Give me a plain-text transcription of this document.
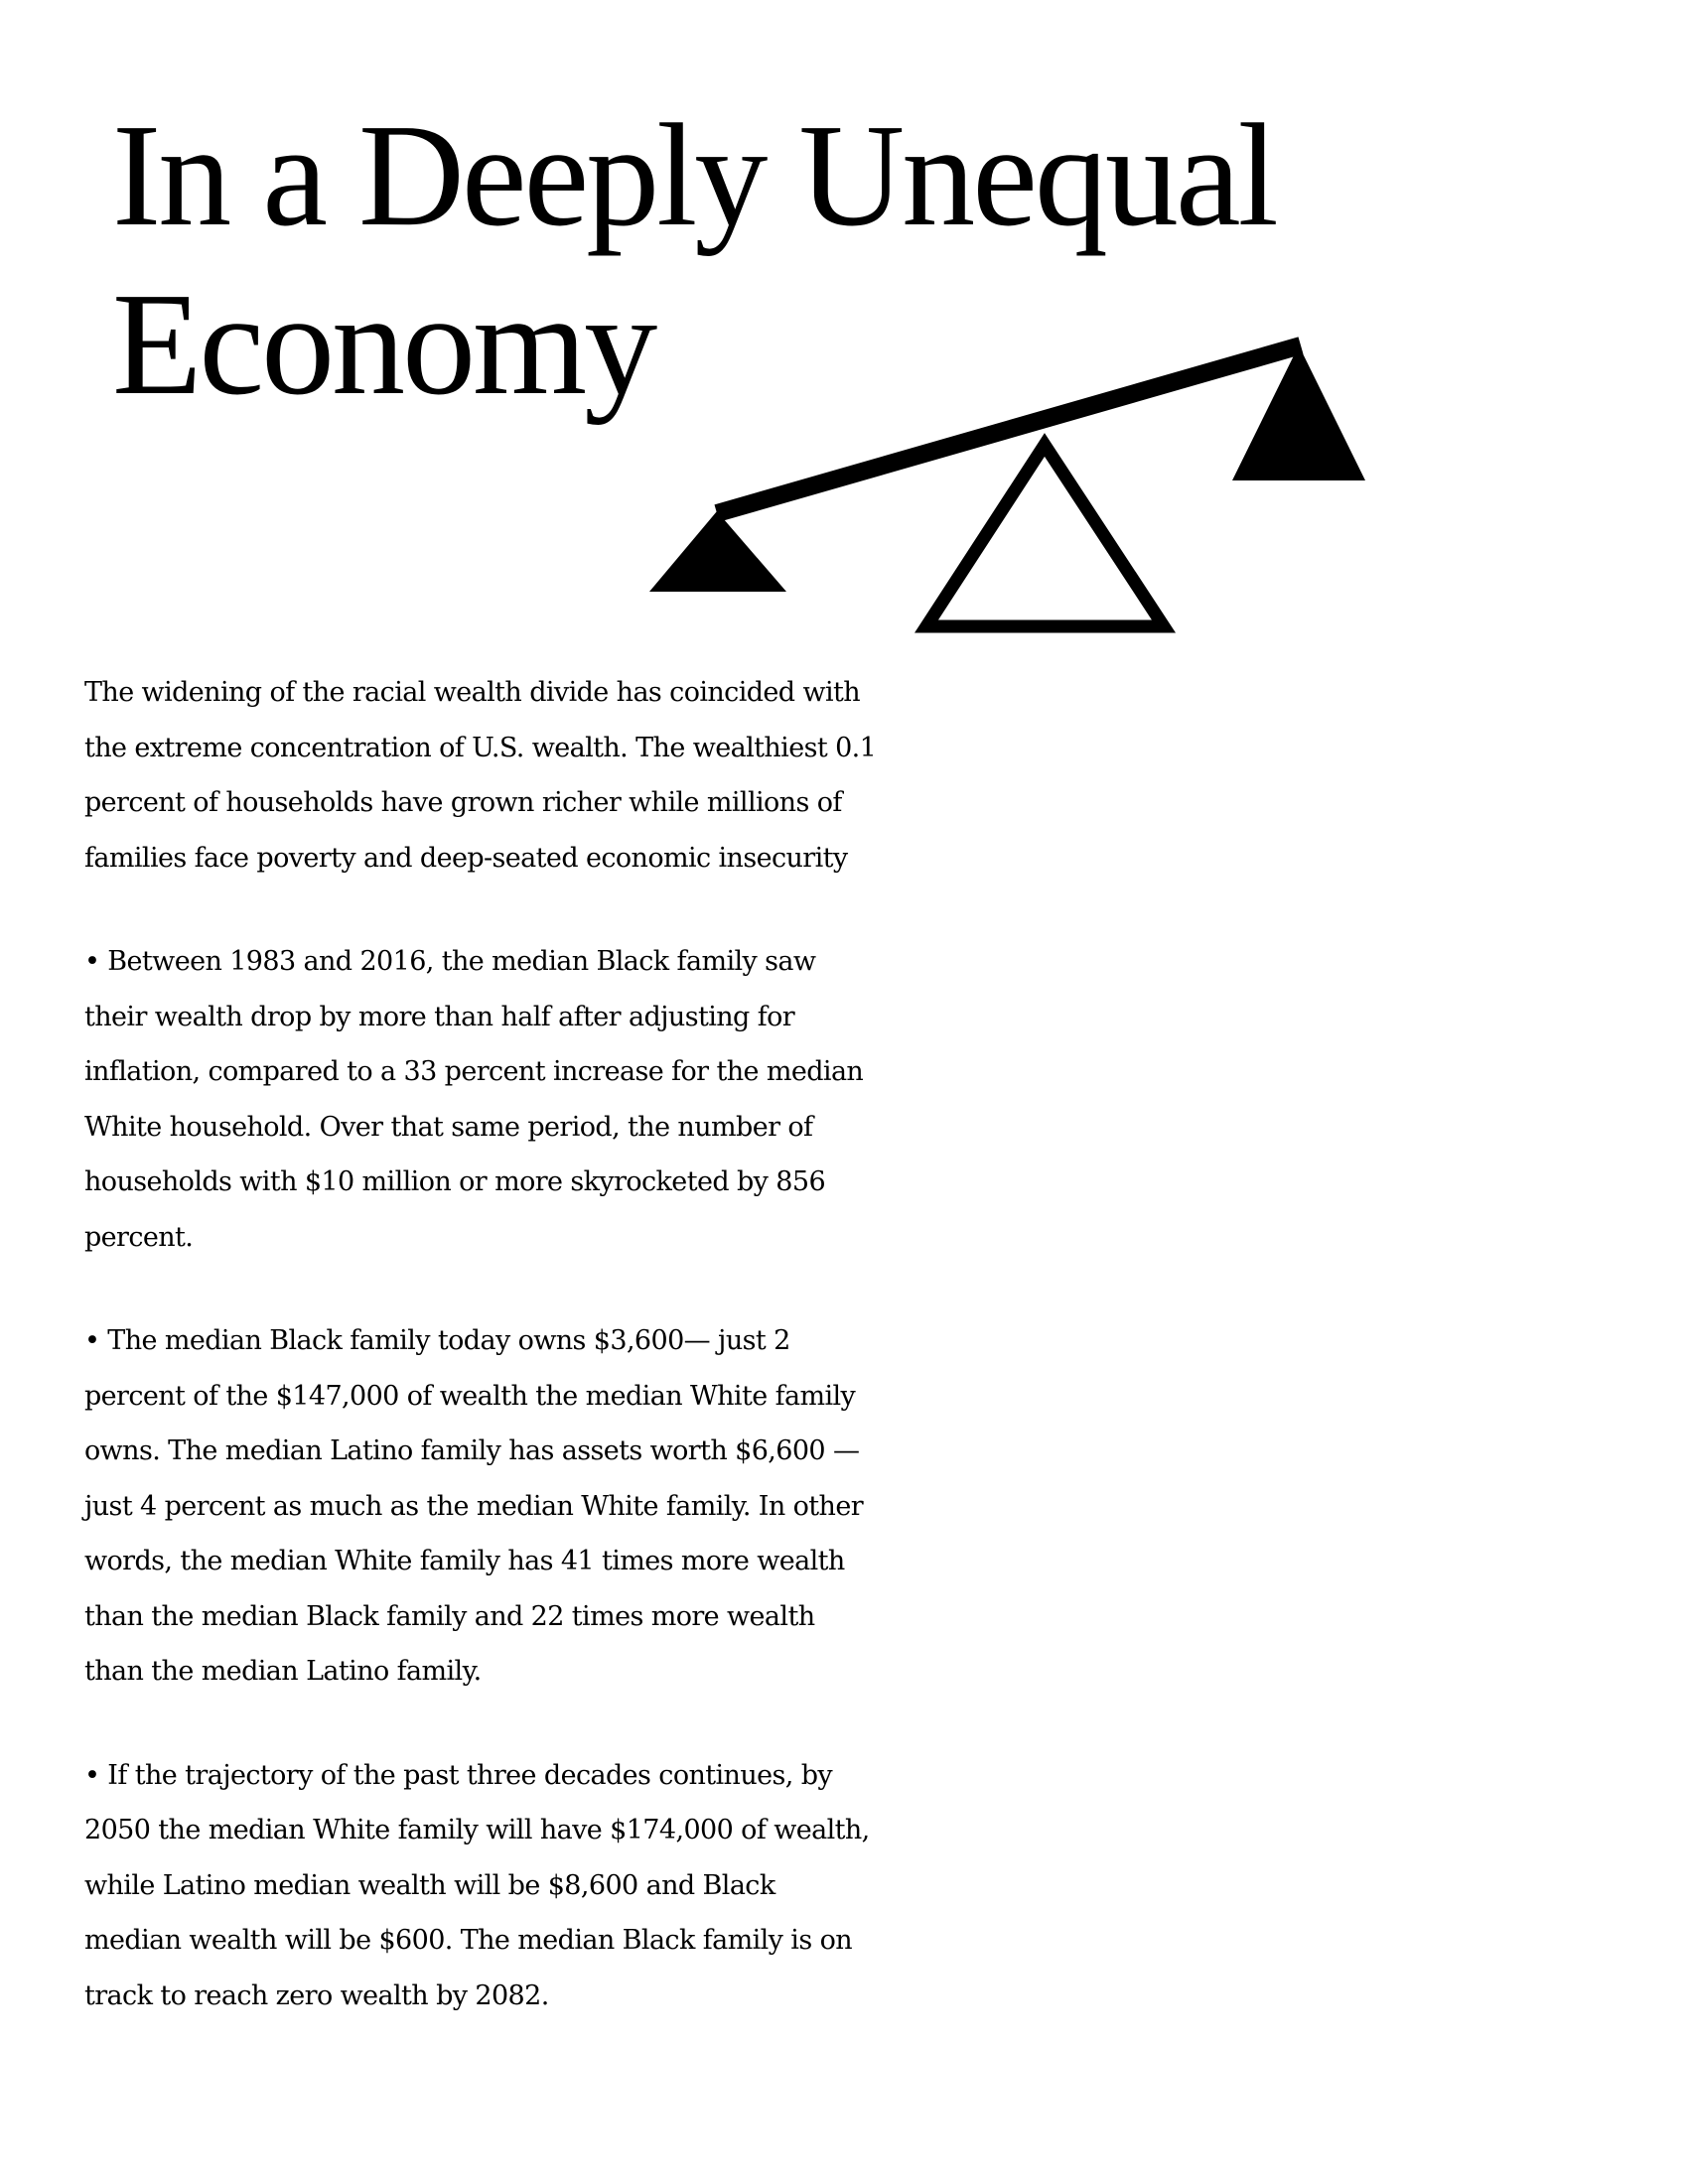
In a Deeply Unequal
Economy

The widening of the racial wealth divide has coincided with the extreme concentration of U.S. wealth. The wealthiest 0.1 percent of households have grown richer while millions of families face poverty and deep-seated economic insecurity

• Between 1983 and 2016, the median Black family saw their wealth drop by more than half after adjusting for inflation, compared to a 33 percent increase for the median White household. Over that same period, the number of households with $10 million or more skyrocketed by 856 percent.

• The median Black family today owns $3,600— just 2 percent of the $147,000 of wealth the median White family owns. The median Latino family has assets worth $6,600 — just 4 percent as much as the median White family. In other words, the median White family has 41 times more wealth than the median Black family and 22 times more wealth than the median Latino family.

• If the trajectory of the past three decades continues, by 2050 the median White family will have $174,000 of wealth, while Latino median wealth will be $8,600 and Black median wealth will be $600. The median Black family is on track to reach zero wealth by 2082.
